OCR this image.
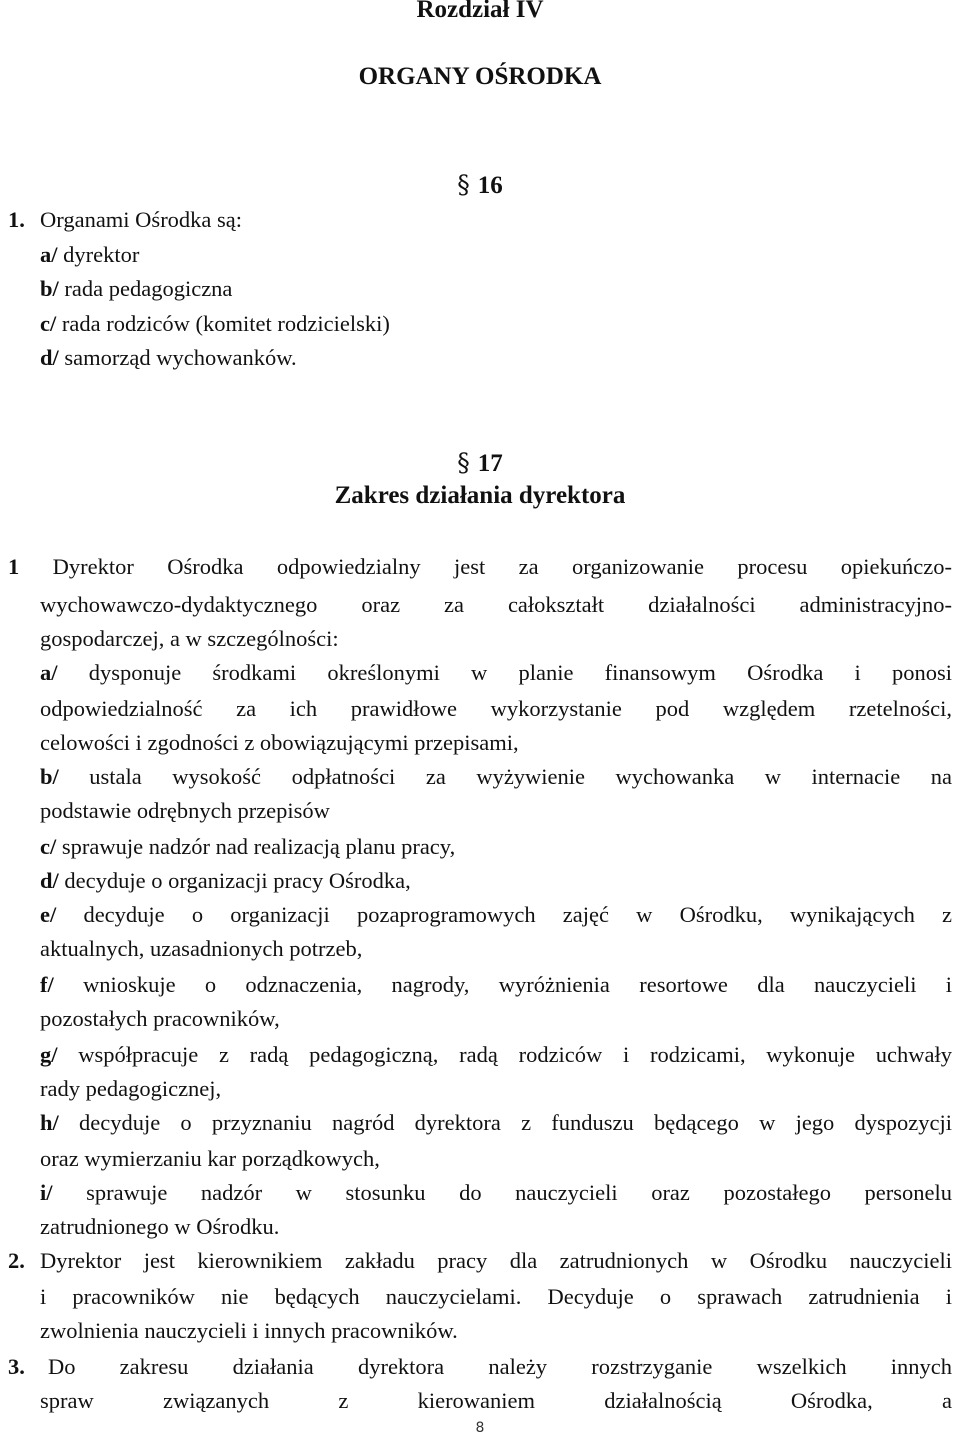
Rozdział IV
ORGANY OŚRODKA
§ 16
1. Organami Ośrodka są:
a/ dyrektor
b/ rada pedagogiczna
c/ rada rodziców (komitet rodzicielski)
d/ samorząd wychowanków.
§ 17
Zakres działania dyrektora
1 Dyrektor Ośrodka odpowiedzialny jest za organizowanie procesu opiekuńczo-
wychowawczo-dydaktycznego oraz za całokształt działalności administracyjno-
gospodarczej, a w szczególności:
a/ dysponuje środkami określonymi w planie finansowym Ośrodka i ponosi
odpowiedzialność za ich prawidłowe wykorzystanie pod względem rzetelności,
celowości i zgodności z obowiązującymi przepisami,
b/ ustala wysokość odpłatności za wyżywienie wychowanka w internacie na
podstawie odrębnych przepisów
c/ sprawuje nadzór nad realizacją planu pracy,
d/ decyduje o organizacji pracy Ośrodka,
e/ decyduje o organizacji pozaprogramowych zajęć w Ośrodku, wynikających z
aktualnych, uzasadnionych potrzeb,
f/ wnioskuje o odznaczenia, nagrody, wyróżnienia resortowe dla nauczycieli i
pozostałych pracowników,
g/ współpracuje z radą pedagogiczną, radą rodziców i rodzicami, wykonuje uchwały
rady pedagogicznej,
h/ decyduje o przyznaniu nagród dyrektora z funduszu będącego w jego dyspozycji
oraz wymierzaniu kar porządkowych,
i/ sprawuje nadzór w stosunku do nauczycieli oraz pozostałego personelu
zatrudnionego w Ośrodku.
2. Dyrektor jest kierownikiem zakładu pracy dla zatrudnionych w Ośrodku nauczycieli
i pracowników nie będących nauczycielami. Decyduje o sprawach zatrudnienia i
zwolnienia nauczycieli i innych pracowników.
3. Do zakresu działania dyrektora należy rozstrzyganie wszelkich innych
spraw związanych z kierowaniem działalnością Ośrodka, a
8
